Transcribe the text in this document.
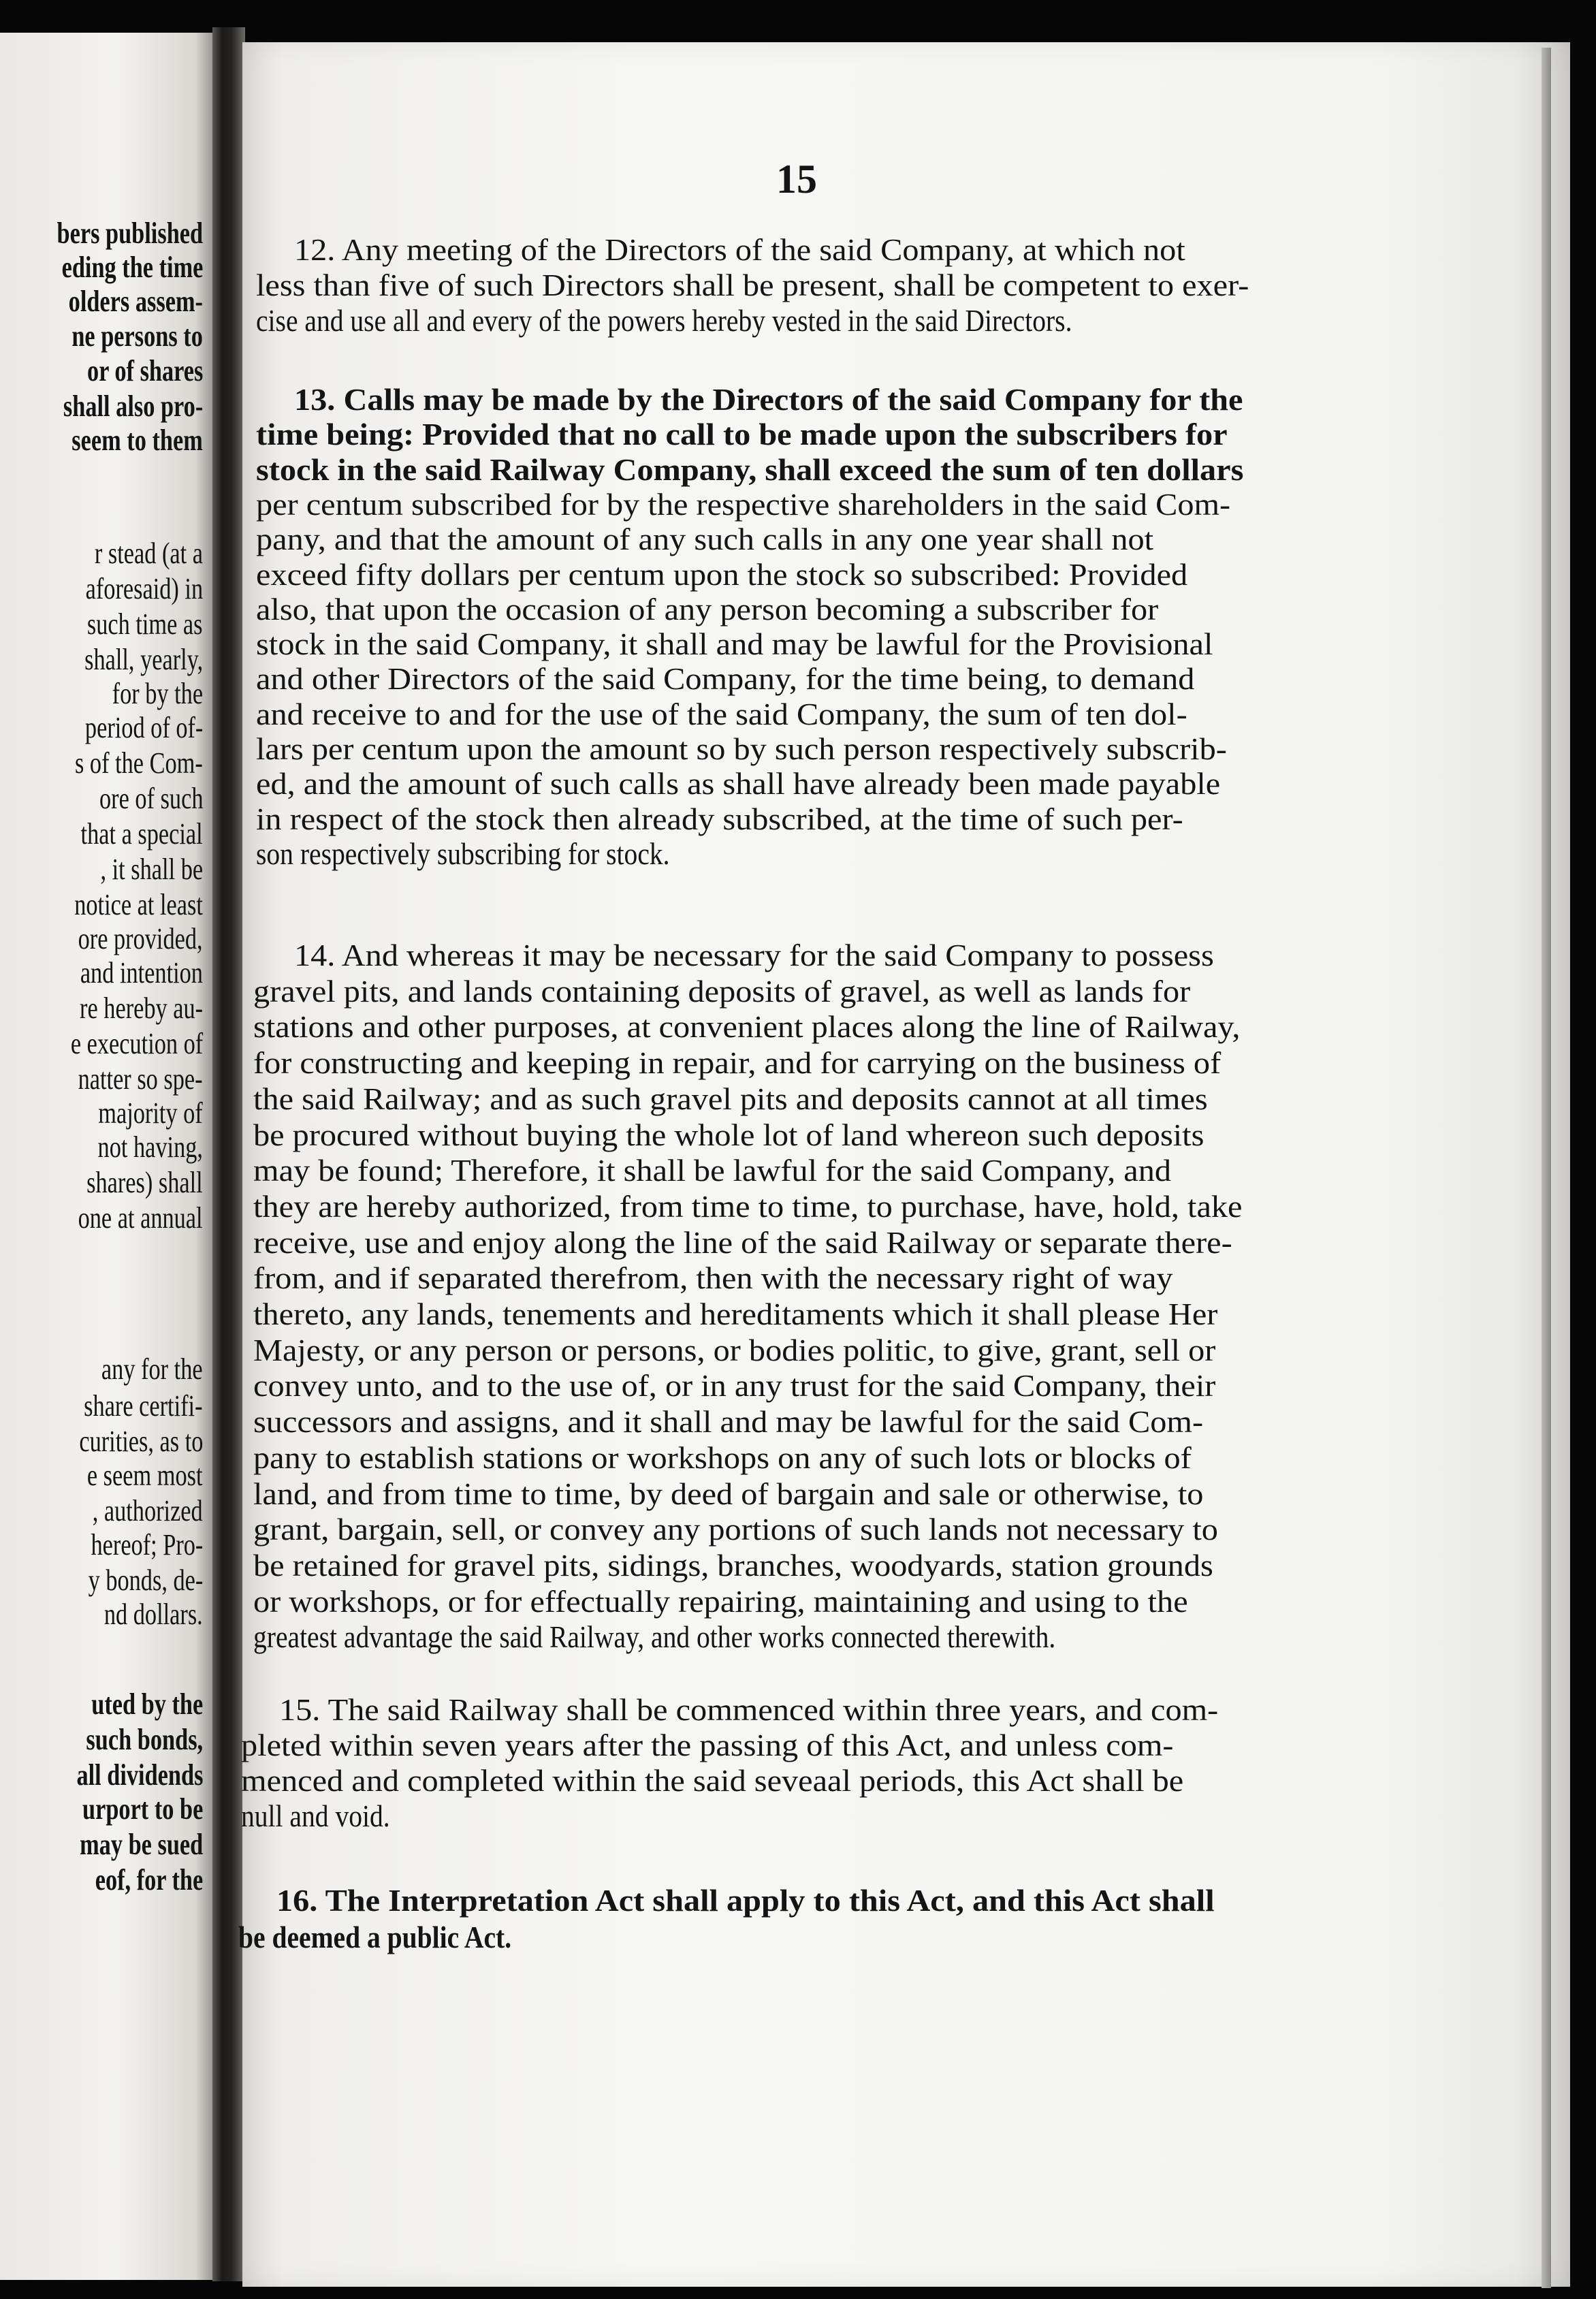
bers published
eding the time
olders assem-
ne persons to
or of shares
shall also pro-
seem to them
r stead (at a
aforesaid) in
such time as
shall, yearly,
for by the
period of of-
s of the Com-
ore of such
that a special
, it shall be
notice at least
ore provided,
and intention
re hereby au-
e execution of
natter so spe-
majority of
not having,
shares) shall
one at annual
any for the
share certifi-
curities, as to
e seem most
, authorized
hereof; Pro-
y bonds, de-
nd dollars.
uted by the
such bonds,
all dividends
urport to be
may be sued
eof, for the
15
12. Any meeting of the Directors of the said Company, at which not
less than five of such Directors shall be present, shall be competent to exer-
cise and use all and every of the powers hereby vested in the said Directors.
13. Calls may be made by the Directors of the said Company for the
time being: Provided that no call to be made upon the subscribers for
stock in the said Railway Company, shall exceed the sum of ten dollars
per centum subscribed for by the respective shareholders in the said Com-
pany, and that the amount of any such calls in any one year shall not
exceed fifty dollars per centum upon the stock so subscribed: Provided
also, that upon the occasion of any person becoming a subscriber for
stock in the said Company, it shall and may be lawful for the Provisional
and other Directors of the said Company, for the time being, to demand
and receive to and for the use of the said Company, the sum of ten dol-
lars per centum upon the amount so by such person respectively subscrib-
ed, and the amount of such calls as shall have already been made payable
in respect of the stock then already subscribed, at the time of such per-
son respectively subscribing for stock.
14. And whereas it may be necessary for the said Company to possess
gravel pits, and lands containing deposits of gravel, as well as lands for
stations and other purposes, at convenient places along the line of Railway,
for constructing and keeping in repair, and for carrying on the business of
the said Railway; and as such gravel pits and deposits cannot at all times
be procured without buying the whole lot of land whereon such deposits
may be found; Therefore, it shall be lawful for the said Company, and
they are hereby authorized, from time to time, to purchase, have, hold, take
receive, use and enjoy along the line of the said Railway or separate there-
from, and if separated therefrom, then with the necessary right of way
thereto, any lands, tenements and hereditaments which it shall please Her
Majesty, or any person or persons, or bodies politic, to give, grant, sell or
convey unto, and to the use of, or in any trust for the said Company, their
successors and assigns, and it shall and may be lawful for the said Com-
pany to establish stations or workshops on any of such lots or blocks of
land, and from time to time, by deed of bargain and sale or otherwise, to
grant, bargain, sell, or convey any portions of such lands not necessary to
be retained for gravel pits, sidings, branches, woodyards, station grounds
or workshops, or for effectually repairing, maintaining and using to the
greatest advantage the said Railway, and other works connected therewith.
15. The said Railway shall be commenced within three years, and com-
pleted within seven years after the passing of this Act, and unless com-
menced and completed within the said seveaal periods, this Act shall be
null and void.
16. The Interpretation Act shall apply to this Act, and this Act shall
be deemed a public Act.
